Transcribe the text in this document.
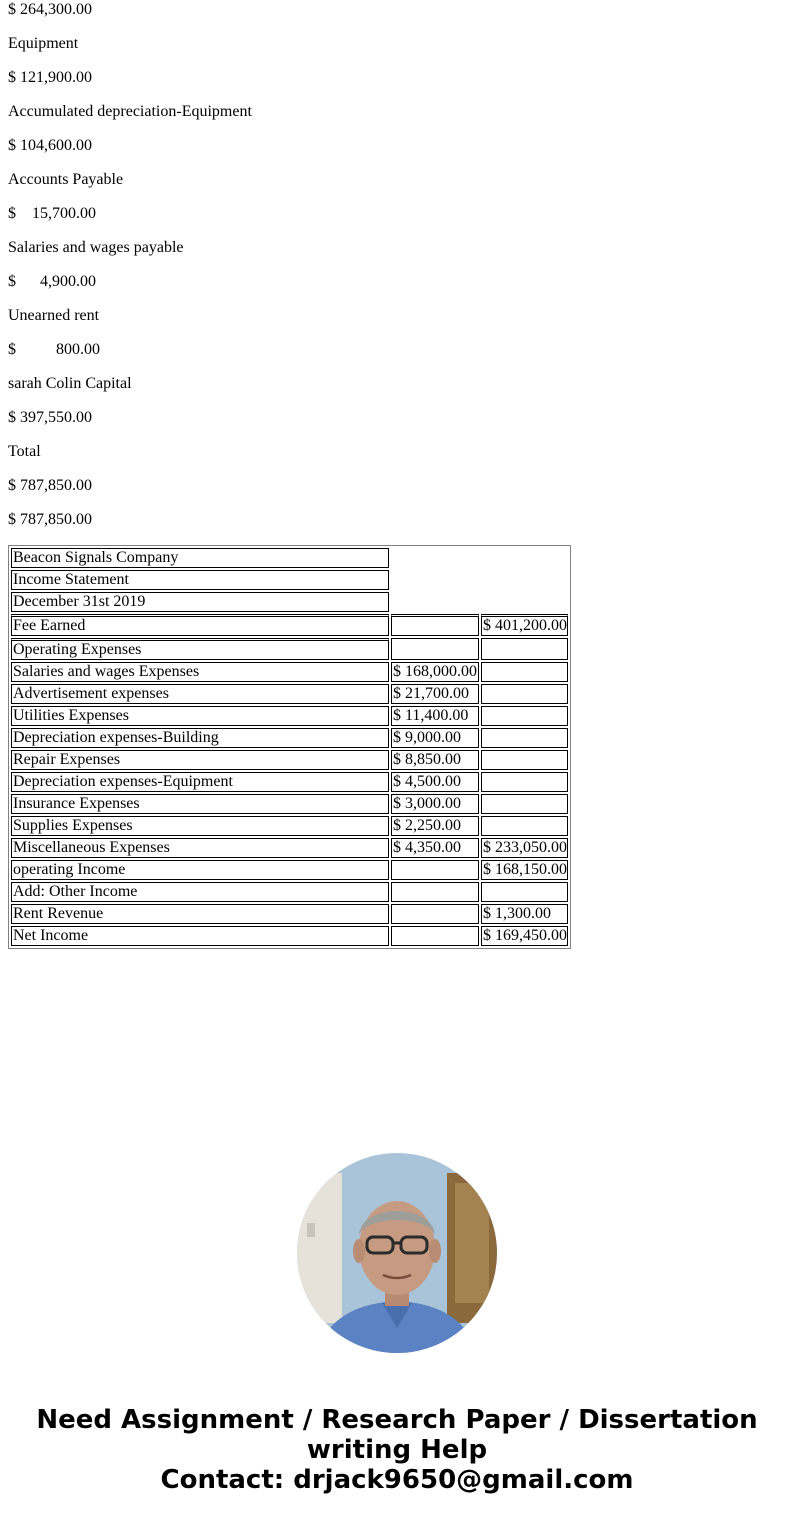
$ 264,300.00
Equipment
$ 121,900.00
Accumulated depreciation-Equipment
$ 104,600.00
Accounts Payable
$    15,700.00
Salaries and wages payable
$      4,900.00
Unearned rent
$          800.00
sarah Colin Capital
$ 397,550.00
Total
$ 787,850.00
$ 787,850.00
Beacon Signals Company		
Income Statement		
December 31st 2019		
Fee Earned		$ 401,200.00
Operating Expenses		
Salaries and wages Expenses	$ 168,000.00	
Advertisement expenses	$ 21,700.00	
Utilities Expenses	$ 11,400.00	
Depreciation expenses-Building	$ 9,000.00	
Repair Expenses	$ 8,850.00	
Depreciation expenses-Equipment	$ 4,500.00	
Insurance Expenses	$ 3,000.00	
Supplies Expenses	$ 2,250.00	
Miscellaneous Expenses	$ 4,350.00	$ 233,050.00
operating Income		$ 168,150.00
Add: Other Income		
Rent Revenue		$ 1,300.00
Net Income		$ 169,450.00
Need Assignment / Research Paper / Dissertation
writing Help
Contact: drjack9650@gmail.com
